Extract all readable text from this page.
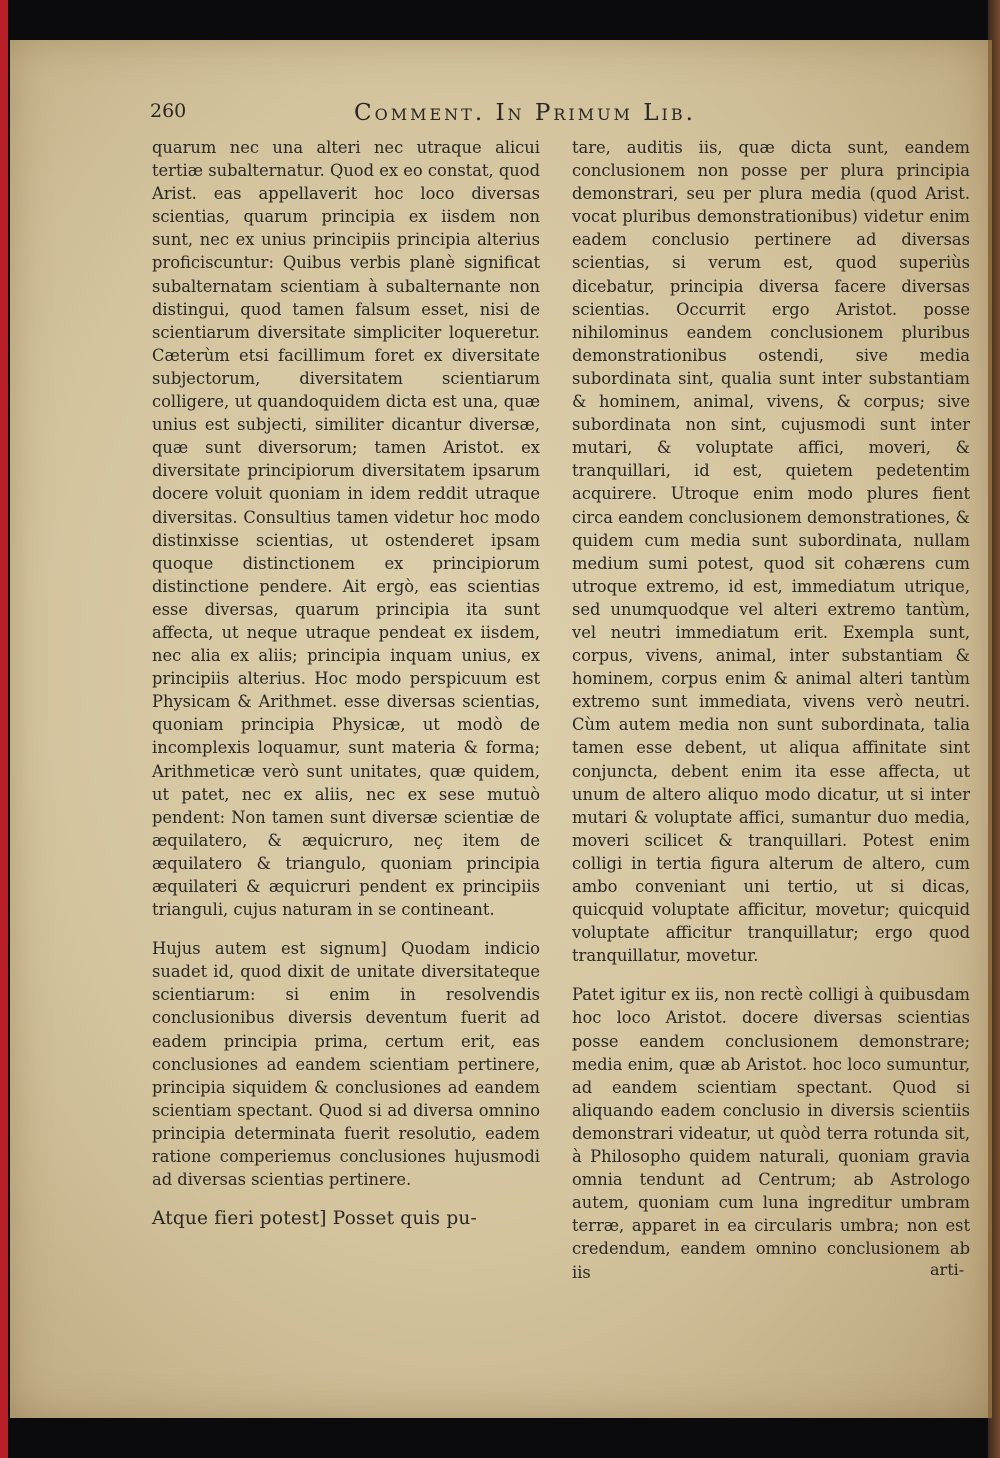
260	Comment. In Primum Lib.

quarum nec una alteri nec utraque alicui tertiæ subalternatur. Quod ex eo constat, quod Arist. eas appellaverit hoc loco diversas scientias, quarum principia ex iisdem non sunt, nec ex unius principiis principia alterius proficiscuntur: Quibus verbis planè significat subalternatam scientiam à subalternante non distingui, quod tamen falsum esset, nisi de scientiarum diversitate simpliciter loqueretur. Cæterùm etsi facillimum foret ex diversitate subjectorum, diversitatem scientiarum colligere, ut quandoquidem dicta est una, quæ unius est subjecti, similiter dicantur diversæ, quæ sunt diversorum; tamen Aristot. ex diversitate principiorum diversitatem ipsarum docere voluit quoniam in idem reddit utraque diversitas. Consultius tamen videtur hoc modo distinxisse scientias, ut ostenderet ipsam quoque distinctionem ex principiorum distinctione pendere. Ait ergò, eas scientias esse diversas, quarum principia ita sunt affecta, ut neque utraque pendeat ex iisdem, nec alia ex aliis; principia inquam unius, ex principiis alterius. Hoc modo perspicuum est Physicam & Arithmet. esse diversas scientias, quoniam principia Physicæ, ut modò de incomplexis loquamur, sunt materia & forma; Arithmeticæ verò sunt unitates, quæ quidem, ut patet, nec ex aliis, nec ex sese mutuò pendent: Non tamen sunt diversæ scientiæ de æquilatero, & æquicruro, neç item de æquilatero & triangulo, quoniam principia æquilateri & æquicruri pendent ex principiis trianguli, cujus naturam in se contineant.

Hujus autem est signum] Quodam indicio suadet id, quod dixit de unitate diversitateque scientiarum: si enim in resolvendis conclusionibus diversis deventum fuerit ad eadem principia prima, certum erit, eas conclusiones ad eandem scientiam pertinere, principia siquidem & conclusiones ad eandem scientiam spectant. Quod si ad diversa omnino principia determinata fuerit resolutio, eadem ratione comperiemus conclusiones hujusmodi ad diversas scientias pertinere.

Atque fieri potest] Posset quis pu-

tare, auditis iis, quæ dicta sunt, eandem conclusionem non posse per plura principia demonstrari, seu per plura media (quod Arist. vocat pluribus demonstrationibus) videtur enim eadem conclusio pertinere ad diversas scientias, si verum est, quod superiùs dicebatur, principia diversa facere diversas scientias. Occurrit ergo Aristot. posse nihilominus eandem conclusionem pluribus demonstrationibus ostendi, sive media subordinata sint, qualia sunt inter substantiam & hominem, animal, vivens, & corpus; sive subordinata non sint, cujusmodi sunt inter mutari, & voluptate affici, moveri, & tranquillari, id est, quietem pedetentim acquirere. Utroque enim modo plures fient circa eandem conclusionem demonstrationes, & quidem cum media sunt subordinata, nullam medium sumi potest, quod sit cohærens cum utroque extremo, id est, immediatum utrique, sed unumquodque vel alteri extremo tantùm, vel neutri immediatum erit. Exempla sunt, corpus, vivens, animal, inter substantiam & hominem, corpus enim & animal alteri tantùm extremo sunt immediata, vivens verò neutri. Cùm autem media non sunt subordinata, talia tamen esse debent, ut aliqua affinitate sint conjuncta, debent enim ita esse affecta, ut unum de altero aliquo modo dicatur, ut si inter mutari & voluptate affici, sumantur duo media, moveri scilicet & tranquillari. Potest enim colligi in tertia figura alterum de altero, cum ambo conveniant uni tertio, ut si dicas, quicquid voluptate afficitur, movetur; quicquid voluptate afficitur tranquillatur; ergo quod tranquillatur, movetur.

Patet igitur ex iis, non rectè colligi à quibusdam hoc loco Aristot. docere diversas scientias posse eandem conclusionem demonstrare; media enim, quæ ab Aristot. hoc loco sumuntur, ad eandem scientiam spectant. Quod si aliquando eadem conclusio in diversis scientiis demonstrari videatur, ut quòd terra rotunda sit, à Philosopho quidem naturali, quoniam gravia omnia tendunt ad Centrum; ab Astrologo autem, quoniam cum luna ingreditur umbram terræ, apparet in ea circularis umbra; non est credendum, eandem omnino conclusionem ab iis	arti-
